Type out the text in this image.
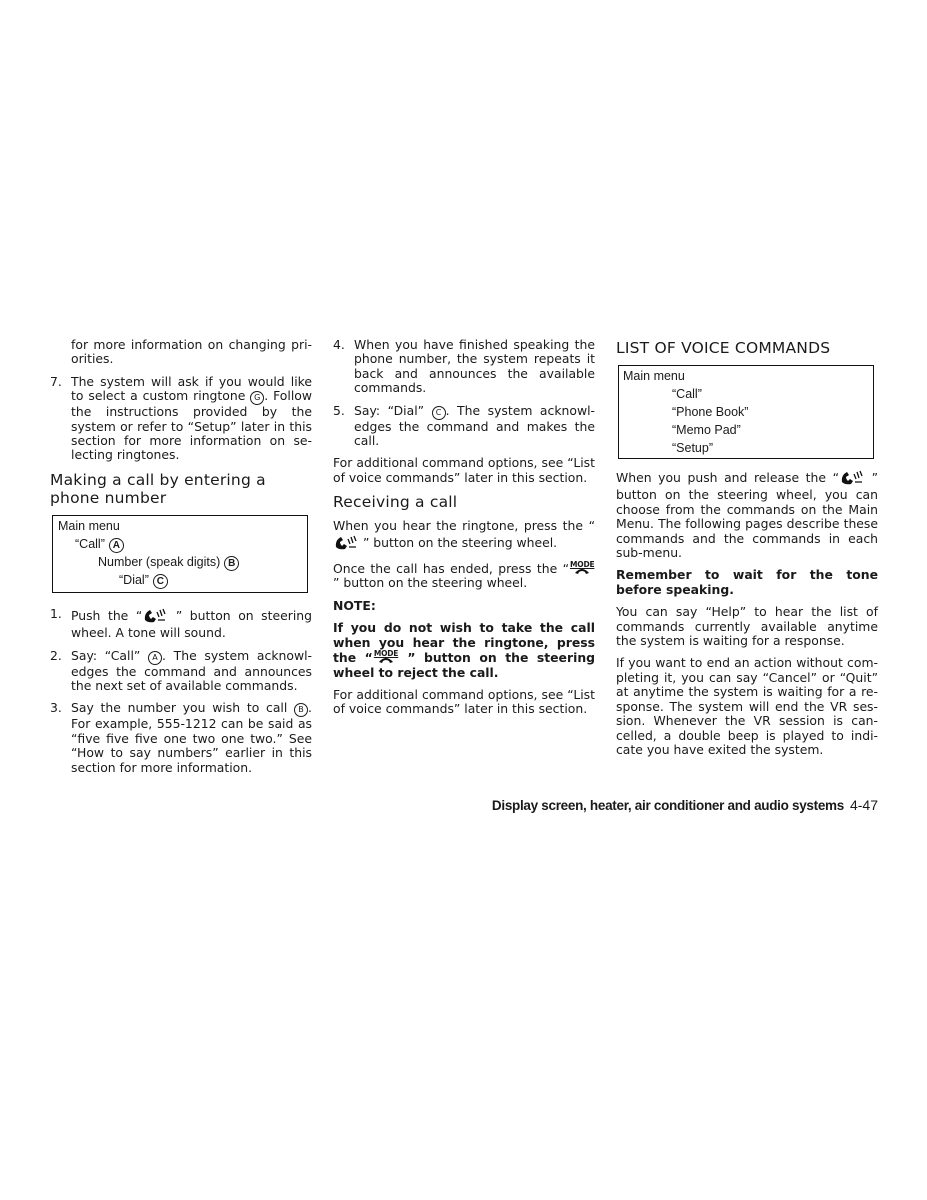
for more information on changing pri- orities.
7. The system will ask if you would like to select a custom ringtone G . Follow the instructions provided by the system or refer to “Setup” later in this section for more information on se- lecting ringtones.
Making a call by entering a phone number
Main menu
“Call” A
Number (speak digits) B
“Dial” C
1. Push the “ ” button on steering wheel. A tone will sound.
2. Say: “Call” A . The system acknowl- edges the command and announces the next set of available commands.
3. Say the number you wish to call B . For example, 555-1212 can be said as “five five five one two one two.” See “How to say numbers” earlier in this section for more information.
4. When you have finished speaking the phone number, the system repeats it back and announces the available commands.
5. Say: “Dial” C . The system acknowl- edges the command and makes the call.

For additional command options, see “List of voice commands” later in this section.

Receiving a call

When you hear the ringtone, press the “ ” button on the steering wheel.

Once the call has ended, press the “ MODE
” button on the steering wheel.

NOTE:

If you do not wish to take the call when you hear the ringtone, press the “ MODE ” button on the steering wheel to reject the call.

For additional command options, see “List of voice commands” later in this section.

LIST OF VOICE COMMANDS
Main menu
“Call”
“Phone Book”
“Memo Pad”
“Setup”

When you push and release the “ ” button on the steering wheel, you can choose from the commands on the Main Menu. The following pages describe these commands and the commands in each sub-menu.

Remember to wait for the tone before speaking.

You can say “Help” to hear the list of commands currently available anytime the system is waiting for a response.

If you want to end an action without com- pleting it, you can say “Cancel” or “Quit” at anytime the system is waiting for a re- sponse. The system will end the VR ses- sion. Whenever the VR session is can- celled, a double beep is played to indi- cate you have exited the system.

Display screen, heater, air conditioner and audio systems 4-47
